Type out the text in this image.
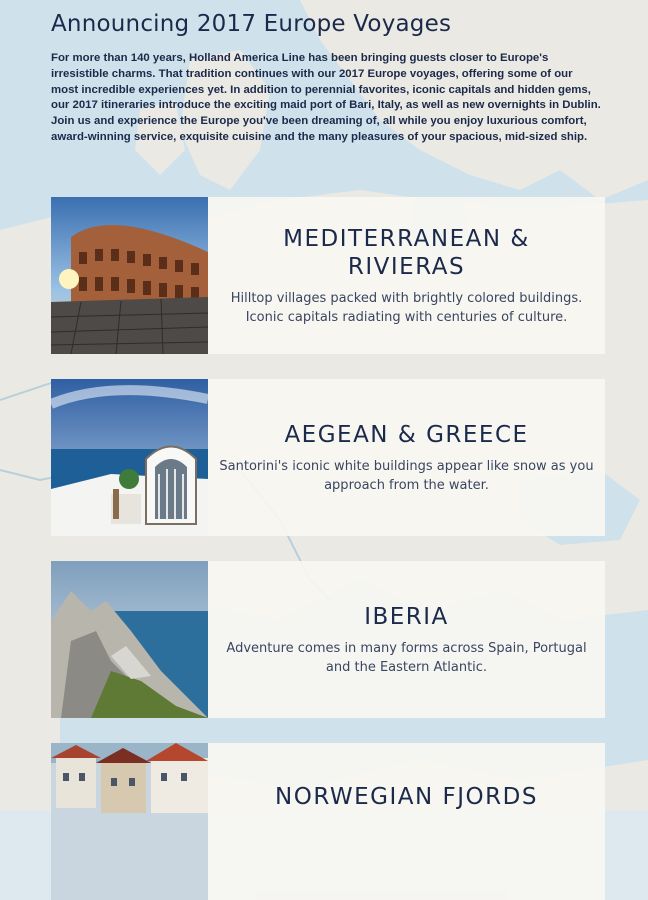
Announcing 2017 Europe Voyages

For more than 140 years, Holland America Line has been bringing guests closer to Europe's irresistible charms. That tradition continues with our 2017 Europe voyages, offering some of our most incredible experiences yet. In addition to perennial favorites, iconic capitals and hidden gems, our 2017 itineraries introduce the exciting maid port of Bari, Italy, as well as new overnights in Dublin. Join us and experience the Europe you've been dreaming of, all while you enjoy luxurious comfort, award-winning service, exquisite cuisine and the many pleasures of your spacious, mid-sized ship.

MEDITERRANEAN & RIVIERAS

Hilltop villages packed with brightly colored buildings. Iconic capitals radiating with centuries of culture.

AEGEAN & GREECE

Santorini's iconic white buildings appear like snow as you approach from the water.

IBERIA

Adventure comes in many forms across Spain, Portugal and the Eastern Atlantic.

NORWEGIAN FJORDS
